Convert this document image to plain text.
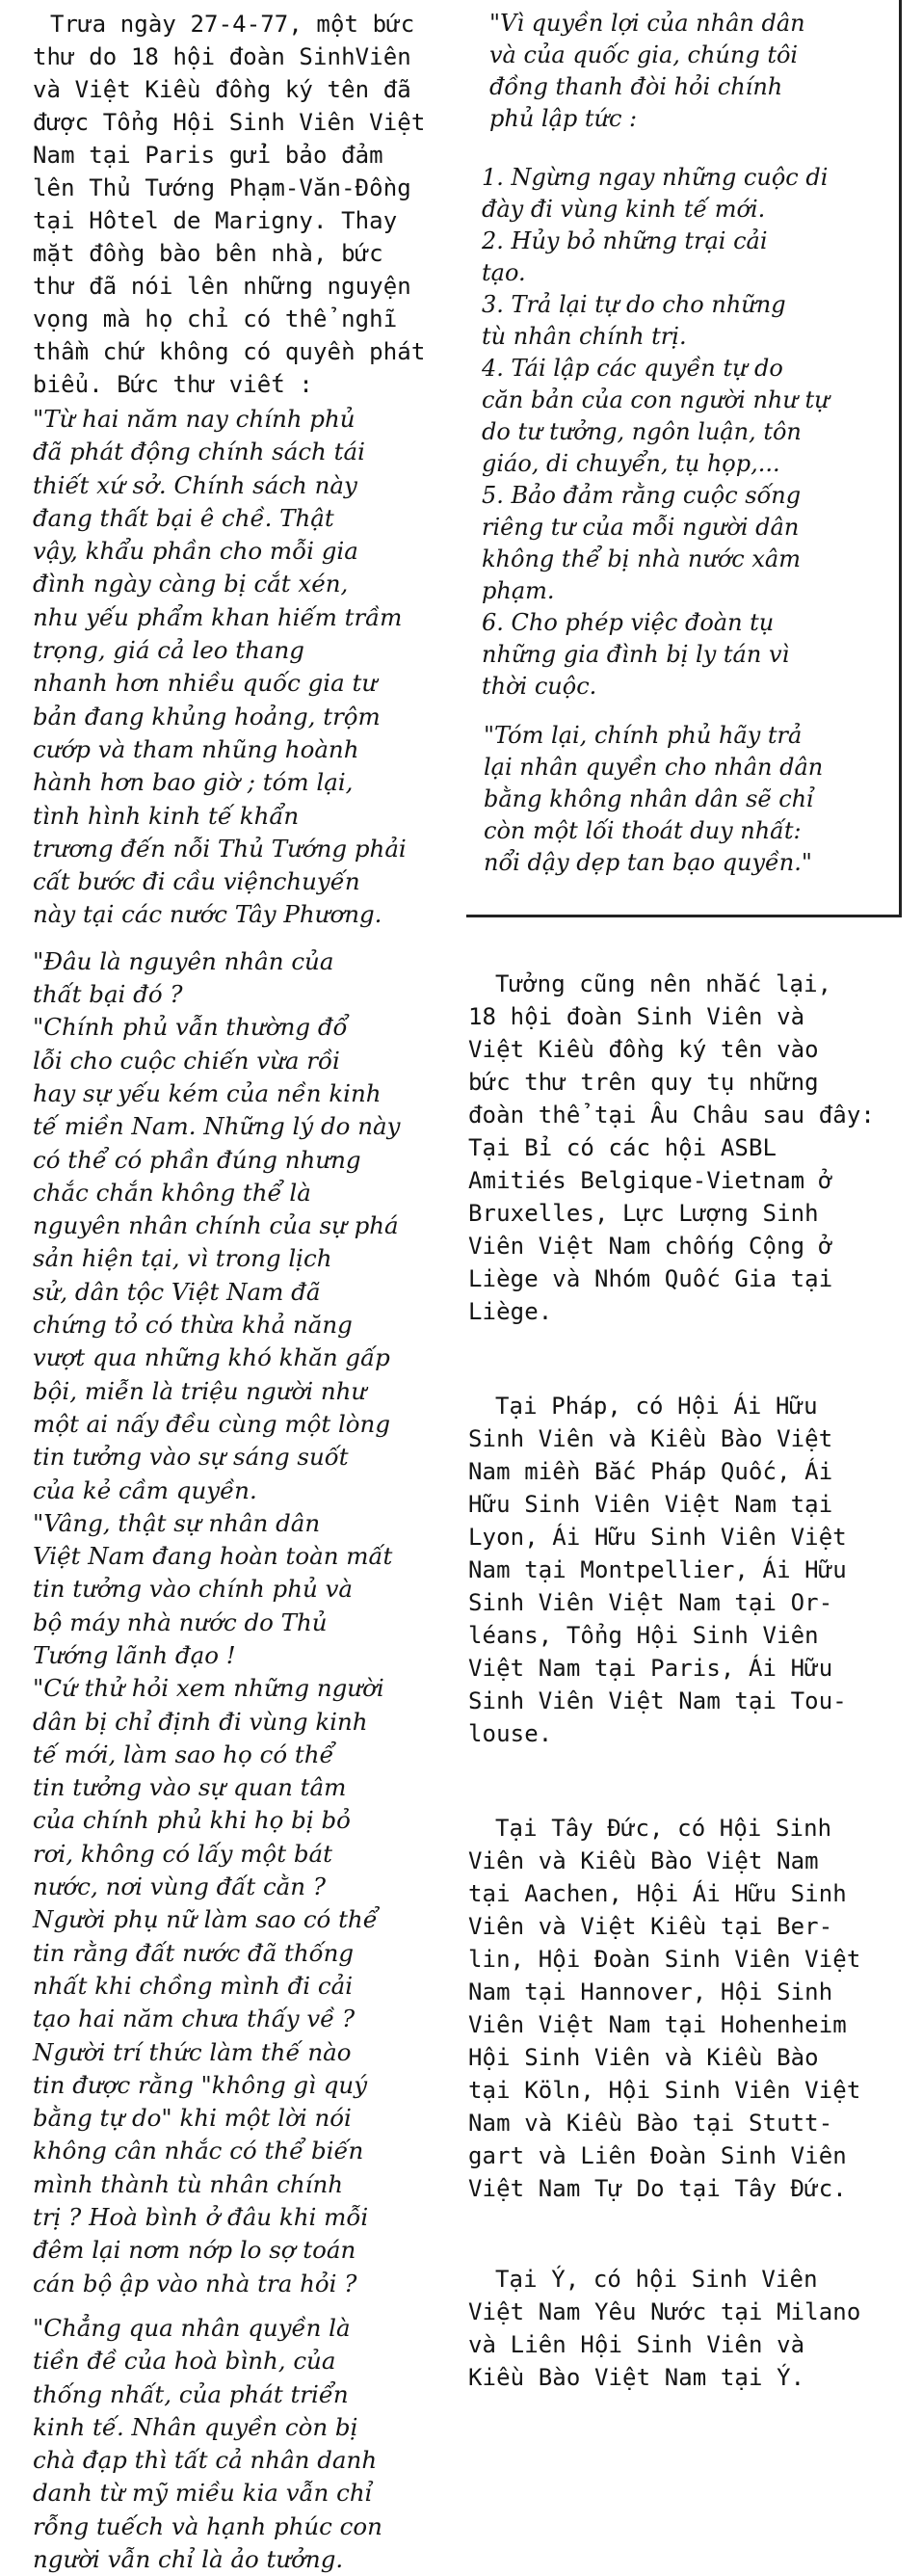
Trưa ngày 27-4-77, một bức
thư do 18 hội đoàn SinhViên
và Việt Kiều đồng ký tên đã
được Tổng Hội Sinh Viên Việt
Nam tại Paris gửi bảo đảm
lên Thủ Tướng Phạm-Văn-Đồng
tại Hôtel de Marigny. Thay
mặt đồng bào bên nhà, bức
thư đã nói lên những nguyện
vọng mà họ chỉ có thể nghĩ
thầm chứ không có quyền phát
biểu. Bức thư viết :

"Từ hai năm nay chính phủ
đã phát động chính sách tái
thiết xứ sở. Chính sách này
đang thất bại ê chề. Thật
vậy, khẩu phần cho mỗi gia
đình ngày càng bị cắt xén,
nhu yếu phẩm khan hiếm trầm
trọng, giá cả leo thang
nhanh hơn nhiều quốc gia tư
bản đang khủng hoảng, trộm
cướp và tham nhũng hoành
hành hơn bao giờ ; tóm lại,
tình hình kinh tế khẩn
trương đến nỗi Thủ Tướng phải
cất bước đi cầu việnchuyến
này tại các nước Tây Phương.

"Đâu là nguyên nhân của
thất bại đó ?

"Chính phủ vẫn thường đổ
lỗi cho cuộc chiến vừa rồi
hay sự yếu kém của nền kinh
tế miền Nam. Những lý do này
có thể có phần đúng nhưng
chắc chắn không thể là
nguyên nhân chính của sự phá
sản hiện tại, vì trong lịch
sử, dân tộc Việt Nam đã
chứng tỏ có thừa khả năng
vượt qua những khó khăn gấp
bội, miễn là triệu người như
một ai nấy đều cùng một lòng
tin tưởng vào sự sáng suốt
của kẻ cầm quyền.

"Vâng, thật sự nhân dân
Việt Nam đang hoàn toàn mất
tin tưởng vào chính phủ và
bộ máy nhà nước do Thủ
Tướng lãnh đạo !

"Cứ thử hỏi xem những người
dân bị chỉ định đi vùng kinh
tế mới, làm sao họ có thể
tin tưởng vào sự quan tâm
của chính phủ khi họ bị bỏ
rơi, không có lấy một bát
nước, nơi vùng đất cằn ?
Người phụ nữ làm sao có thể
tin rằng đất nước đã thống
nhất khi chồng mình đi cải
tạo hai năm chưa thấy về ?
Người trí thức làm thế nào
tin được rằng "không gì quý
bằng tự do" khi một lời nói
không cân nhắc có thể biến
mình thành tù nhân chính
trị ? Hoà bình ở đâu khi mỗi
đêm lại nơm nớp lo sợ toán
cán bộ ập vào nhà tra hỏi ?

"Chẳng qua nhân quyền là
tiền đề của hoà bình, của
thống nhất, của phát triển
kinh tế. Nhân quyền còn bị
chà đạp thì tất cả nhân danh
danh từ mỹ miều kia vẫn chỉ
rỗng tuếch và hạnh phúc con
người vẫn chỉ là ảo tưởng.

"Vì quyền lợi của nhân dân
và của quốc gia, chúng tôi
đồng thanh đòi hỏi chính
phủ lập tức :

1. Ngừng ngay những cuộc di
đày đi vùng kinh tế mới.

2. Hủy bỏ những trại cải
tạo.

3. Trả lại tự do cho những
tù nhân chính trị.

4. Tái lập các quyền tự do
căn bản của con người như tự
do tư tưởng, ngôn luận, tôn
giáo, di chuyển, tụ họp,...

5. Bảo đảm rằng cuộc sống
riêng tư của mỗi người dân
không thể bị nhà nước xâm
phạm.

6. Cho phép việc đoàn tụ
những gia đình bị ly tán vì
thời cuộc.

"Tóm lại, chính phủ hãy trả
lại nhân quyền cho nhân dân
bằng không nhân dân sẽ chỉ
còn một lối thoát duy nhất:
nổi dậy dẹp tan bạo quyền."

Tưởng cũng nên nhắc lại,
18 hội đoàn Sinh Viên và
Việt Kiều đồng ký tên vào
bức thư trên quy tụ những
đoàn thể tại Âu Châu sau đây:
Tại Bỉ có các hội ASBL
Amitiés Belgique-Vietnam ở
Bruxelles, Lực Lượng Sinh
Viên Việt Nam chống Cộng ở
Liège và Nhóm Quốc Gia tại
Liège.

Tại Pháp, có Hội Ái Hữu
Sinh Viên và Kiều Bào Việt
Nam miền Bắc Pháp Quốc, Ái
Hữu Sinh Viên Việt Nam tại
Lyon, Ái Hữu Sinh Viên Việt
Nam tại Montpellier, Ái Hữu
Sinh Viên Việt Nam tại Or-
léans, Tổng Hội Sinh Viên
Việt Nam tại Paris, Ái Hữu
Sinh Viên Việt Nam tại Tou-
louse.

Tại Tây Đức, có Hội Sinh
Viên và Kiều Bào Việt Nam
tại Aachen, Hội Ái Hữu Sinh
Viên và Việt Kiều tại Ber-
lin, Hội Đoàn Sinh Viên Việt
Nam tại Hannover, Hội Sinh
Viên Việt Nam tại Hohenheim
Hội Sinh Viên và Kiều Bào
tại Köln, Hội Sinh Viên Việt
Nam và Kiều Bào tại Stutt-
gart và Liên Đoàn Sinh Viên
Việt Nam Tự Do tại Tây Đức.

Tại Ý, có hội Sinh Viên
Việt Nam Yêu Nước tại Milano
và Liên Hội Sinh Viên và
Kiều Bào Việt Nam tại Ý.
